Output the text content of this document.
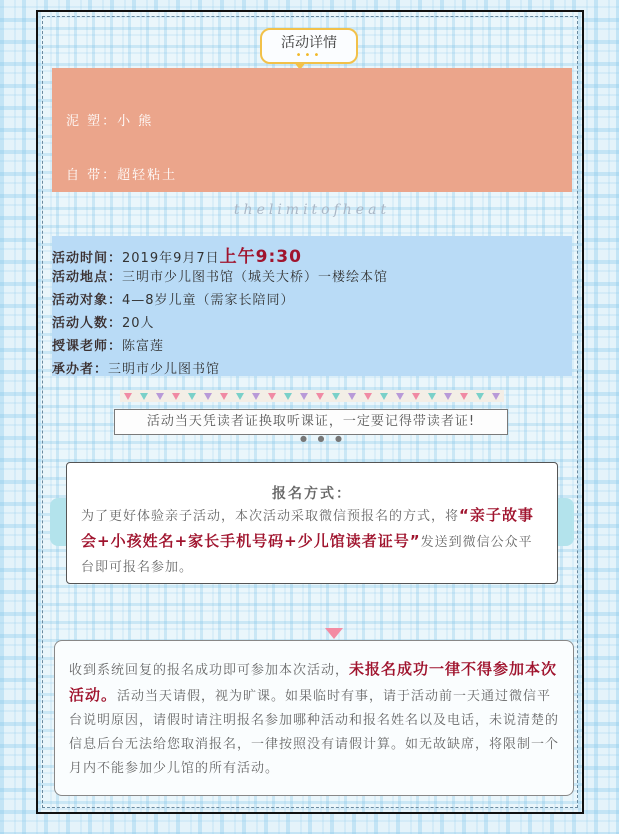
活动详情
•••
泥 塑：小 熊
自 带：超轻粘土
thelimitofheat
活动时间：2019年9月7日上午9:30
活动地点：三明市少儿图书馆（城关大桥）一楼绘本馆
活动对象：4—8岁儿童（需家长陪同）
活动人数：20人
授课老师：陈富莲
承办者：三明市少儿图书馆
活动当天凭读者证换取听课证，一定要记得带读者证!
● ● ●
报名方式：
为了更好体验亲子活动，本次活动采取微信预报名的方式，将“亲子故事会+小孩姓名+家长手机号码+少儿馆读者证号”发送到微信公众平台即可报名参加。
收到系统回复的报名成功即可参加本次活动，未报名成功一律不得参加本次活动。活动当天请假，视为旷课。如果临时有事，请于活动前一天通过微信平台说明原因，请假时请注明报名参加哪种活动和报名姓名以及电话，未说清楚的信息后台无法给您取消报名，一律按照没有请假计算。如无故缺席，将限制一个月内不能参加少儿馆的所有活动。
